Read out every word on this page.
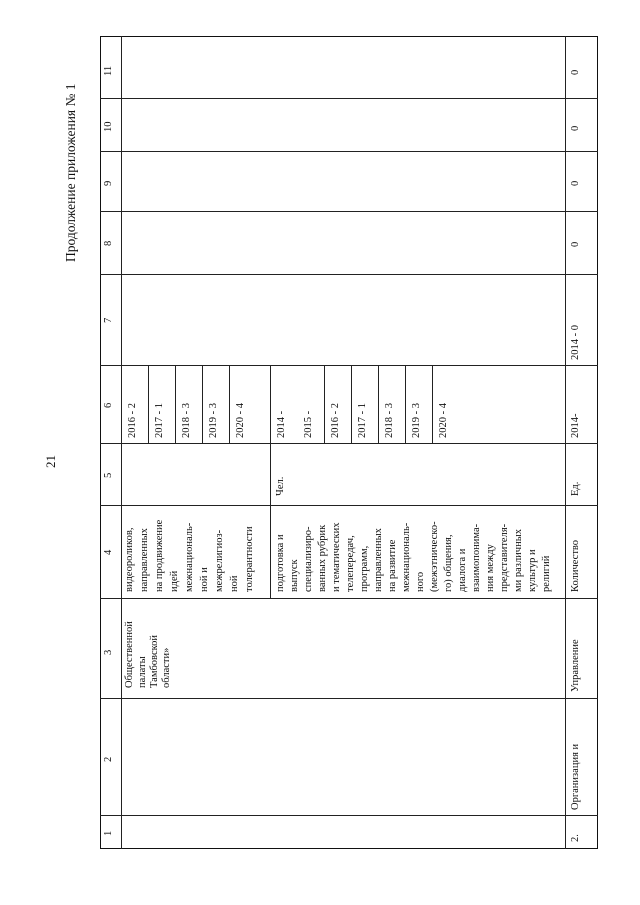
21
Продолжение приложения № 1
1
2
3
4
5
6
7
8
9
10
11
Общественной палаты Тамбовской области»
видеороликов, направленных на продвижение идей межнациональ- ной и межрелигиоз- ной толерантности
2016 - 2 2017 - 1 2018 - 3 2019 - 3 2020 - 4
подготовка и выпуск специализиро- ванных рубрик и тематических телепередач, программ, направленных на развитие межнациональ- ного (межэтническо- го) общения, диалога и взаимопонима- ния между представителя- ми различных культур и религий
Чел.
2014 - 2015 - 2016 - 2 2017 - 1 2018 - 3 2019 - 3 2020 - 4
2.
Организация и
Управление
Количество
Ед.
2014-
2014 - 0
0
0
0
0
